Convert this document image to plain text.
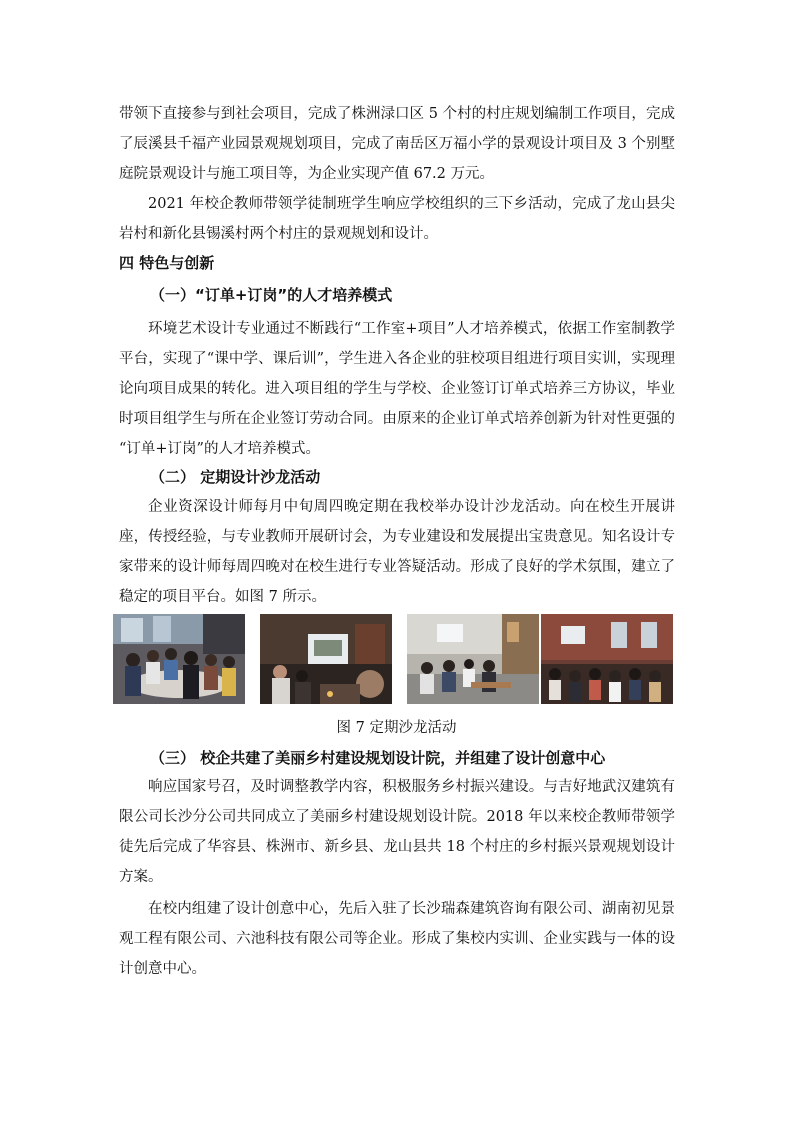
带领下直接参与到社会项目，完成了株洲渌口区 5 个村的村庄规划编制工作项目，完成了辰溪县千福产业园景观规划项目，完成了南岳区万福小学的景观设计项目及 3 个别墅庭院景观设计与施工项目等，为企业实现产值 67.2 万元。

2021 年校企教师带领学徒制班学生响应学校组织的三下乡活动，完成了龙山县尖岩村和新化县锡溪村两个村庄的景观规划和设计。

四 特色与创新

（一）“订单+订岗”的人才培养模式

环境艺术设计专业通过不断践行“工作室+项目”人才培养模式，依据工作室制教学平台，实现了“课中学、课后训”，学生进入各企业的驻校项目组进行项目实训，实现理论向项目成果的转化。进入项目组的学生与学校、企业签订订单式培养三方协议，毕业时项目组学生与所在企业签订劳动合同。由原来的企业订单式培养创新为针对性更强的 “订单+订岗”的人才培养模式。

（二） 定期设计沙龙活动

企业资深设计师每月中旬周四晚定期在我校举办设计沙龙活动。向在校生开展讲座，传授经验，与专业教师开展研讨会，为专业建设和发展提出宝贵意见。知名设计专家带来的设计师每周四晚对在校生进行专业答疑活动。形成了良好的学术氛围，建立了稳定的项目平台。如图 7 所示。

图 7 定期沙龙活动

（三） 校企共建了美丽乡村建设规划设计院，并组建了设计创意中心

响应国家号召，及时调整教学内容，积极服务乡村振兴建设。与吉好地武汉建筑有限公司长沙分公司共同成立了美丽乡村建设规划设计院。2018 年以来校企教师带领学徒先后完成了华容县、株洲市、新乡县、龙山县共 18 个村庄的乡村振兴景观规划设计方案。

在校内组建了设计创意中心，先后入驻了长沙瑞森建筑咨询有限公司、湖南初见景观工程有限公司、六池科技有限公司等企业。形成了集校内实训、企业实践与一体的设计创意中心。
